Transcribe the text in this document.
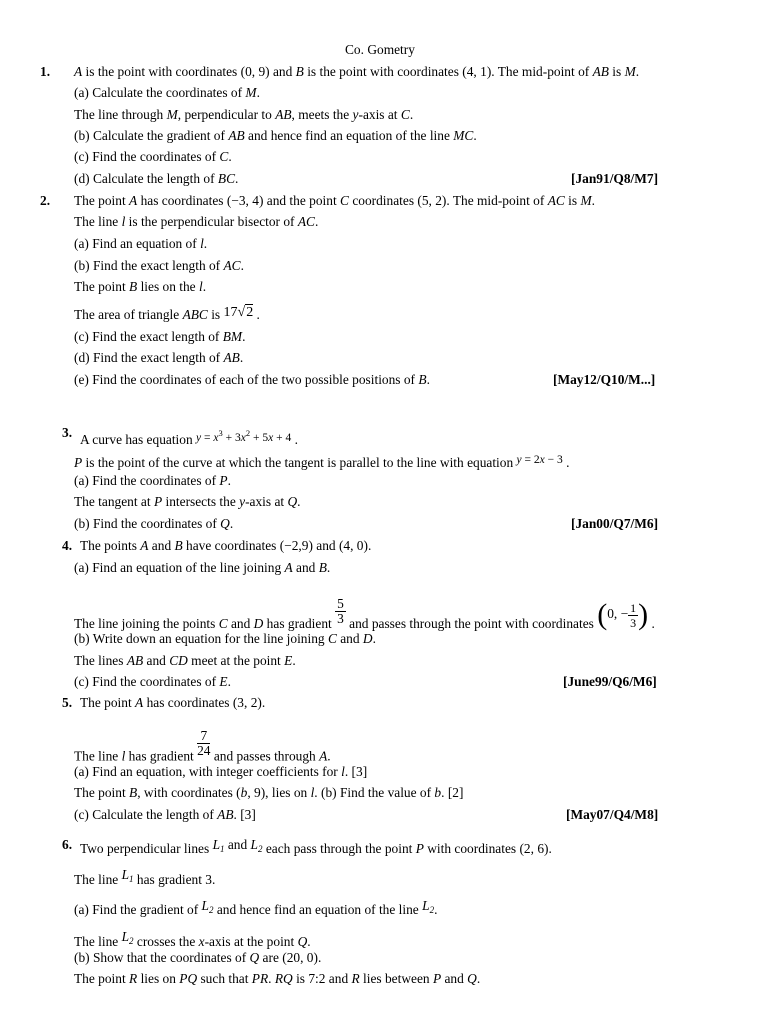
Co. Gometry
1. A is the point with coordinates (0, 9) and B is the point with coordinates (4, 1). The mid-point of AB is M.
(a) Calculate the coordinates of M.
The line through M, perpendicular to AB, meets the y-axis at C.
(b) Calculate the gradient of AB and hence find an equation of the line MC.
(c) Find the coordinates of C.
(d) Calculate the length of BC.	[Jan91/Q8/M7]
2. The point A has coordinates (−3, 4) and the point C coordinates (5, 2). The mid-point of AC is M.
The line l is the perpendicular bisector of AC.
(a) Find an equation of l.
(b) Find the exact length of AC.
The point B lies on the l.
The area of triangle ABC is 17√2 .
(c) Find the exact length of BM.
(d) Find the exact length of AB.
(e) Find the coordinates of each of the two possible positions of B.	[May12/Q10/M...]
3. A curve has equation $y = x^3 + 3x^2 + 5x + 4$ .
P is the point of the curve at which the tangent is parallel to the line with equation y = 2x − 3 .
(a) Find the coordinates of P.
The tangent at P intersects the y-axis at Q.
(b) Find the coordinates of Q.	[Jan00/Q7/M6]
4. The points A and B have coordinates (−2,9) and (4, 0).
(a) Find an equation of the line joining A and B.
The line joining the points C and D has gradient $\frac{5}{3}$ and passes through the point with coordinates (0, − $\frac{1}{3}$ ) .
(b) Write down an equation for the line joining C and D.
The lines AB and CD meet at the point E.
(c) Find the coordinates of E.	[June99/Q6/M6]
5. The point A has coordinates (3, 2).
The line l has gradient $\frac{7}{24}$ and passes through A.
(a) Find an equation, with integer coefficients for l. [3]
The point B, with coordinates (b, 9), lies on l. (b) Find the value of b. [2]
(c) Calculate the length of AB. [3]	[May07/Q4/M8]
6. Two perpendicular lines $L_1$ and $L_2$ each pass through the point P with coordinates (2, 6).
The line $L_1$ has gradient 3.
(a) Find the gradient of $L_2$ and hence find an equation of the line $L_2$.
The line $L_2$ crosses the x-axis at the point Q.
(b) Show that the coordinates of Q are (20, 0).
The point R lies on PQ such that PR. RQ is 7:2 and R lies between P and Q.
